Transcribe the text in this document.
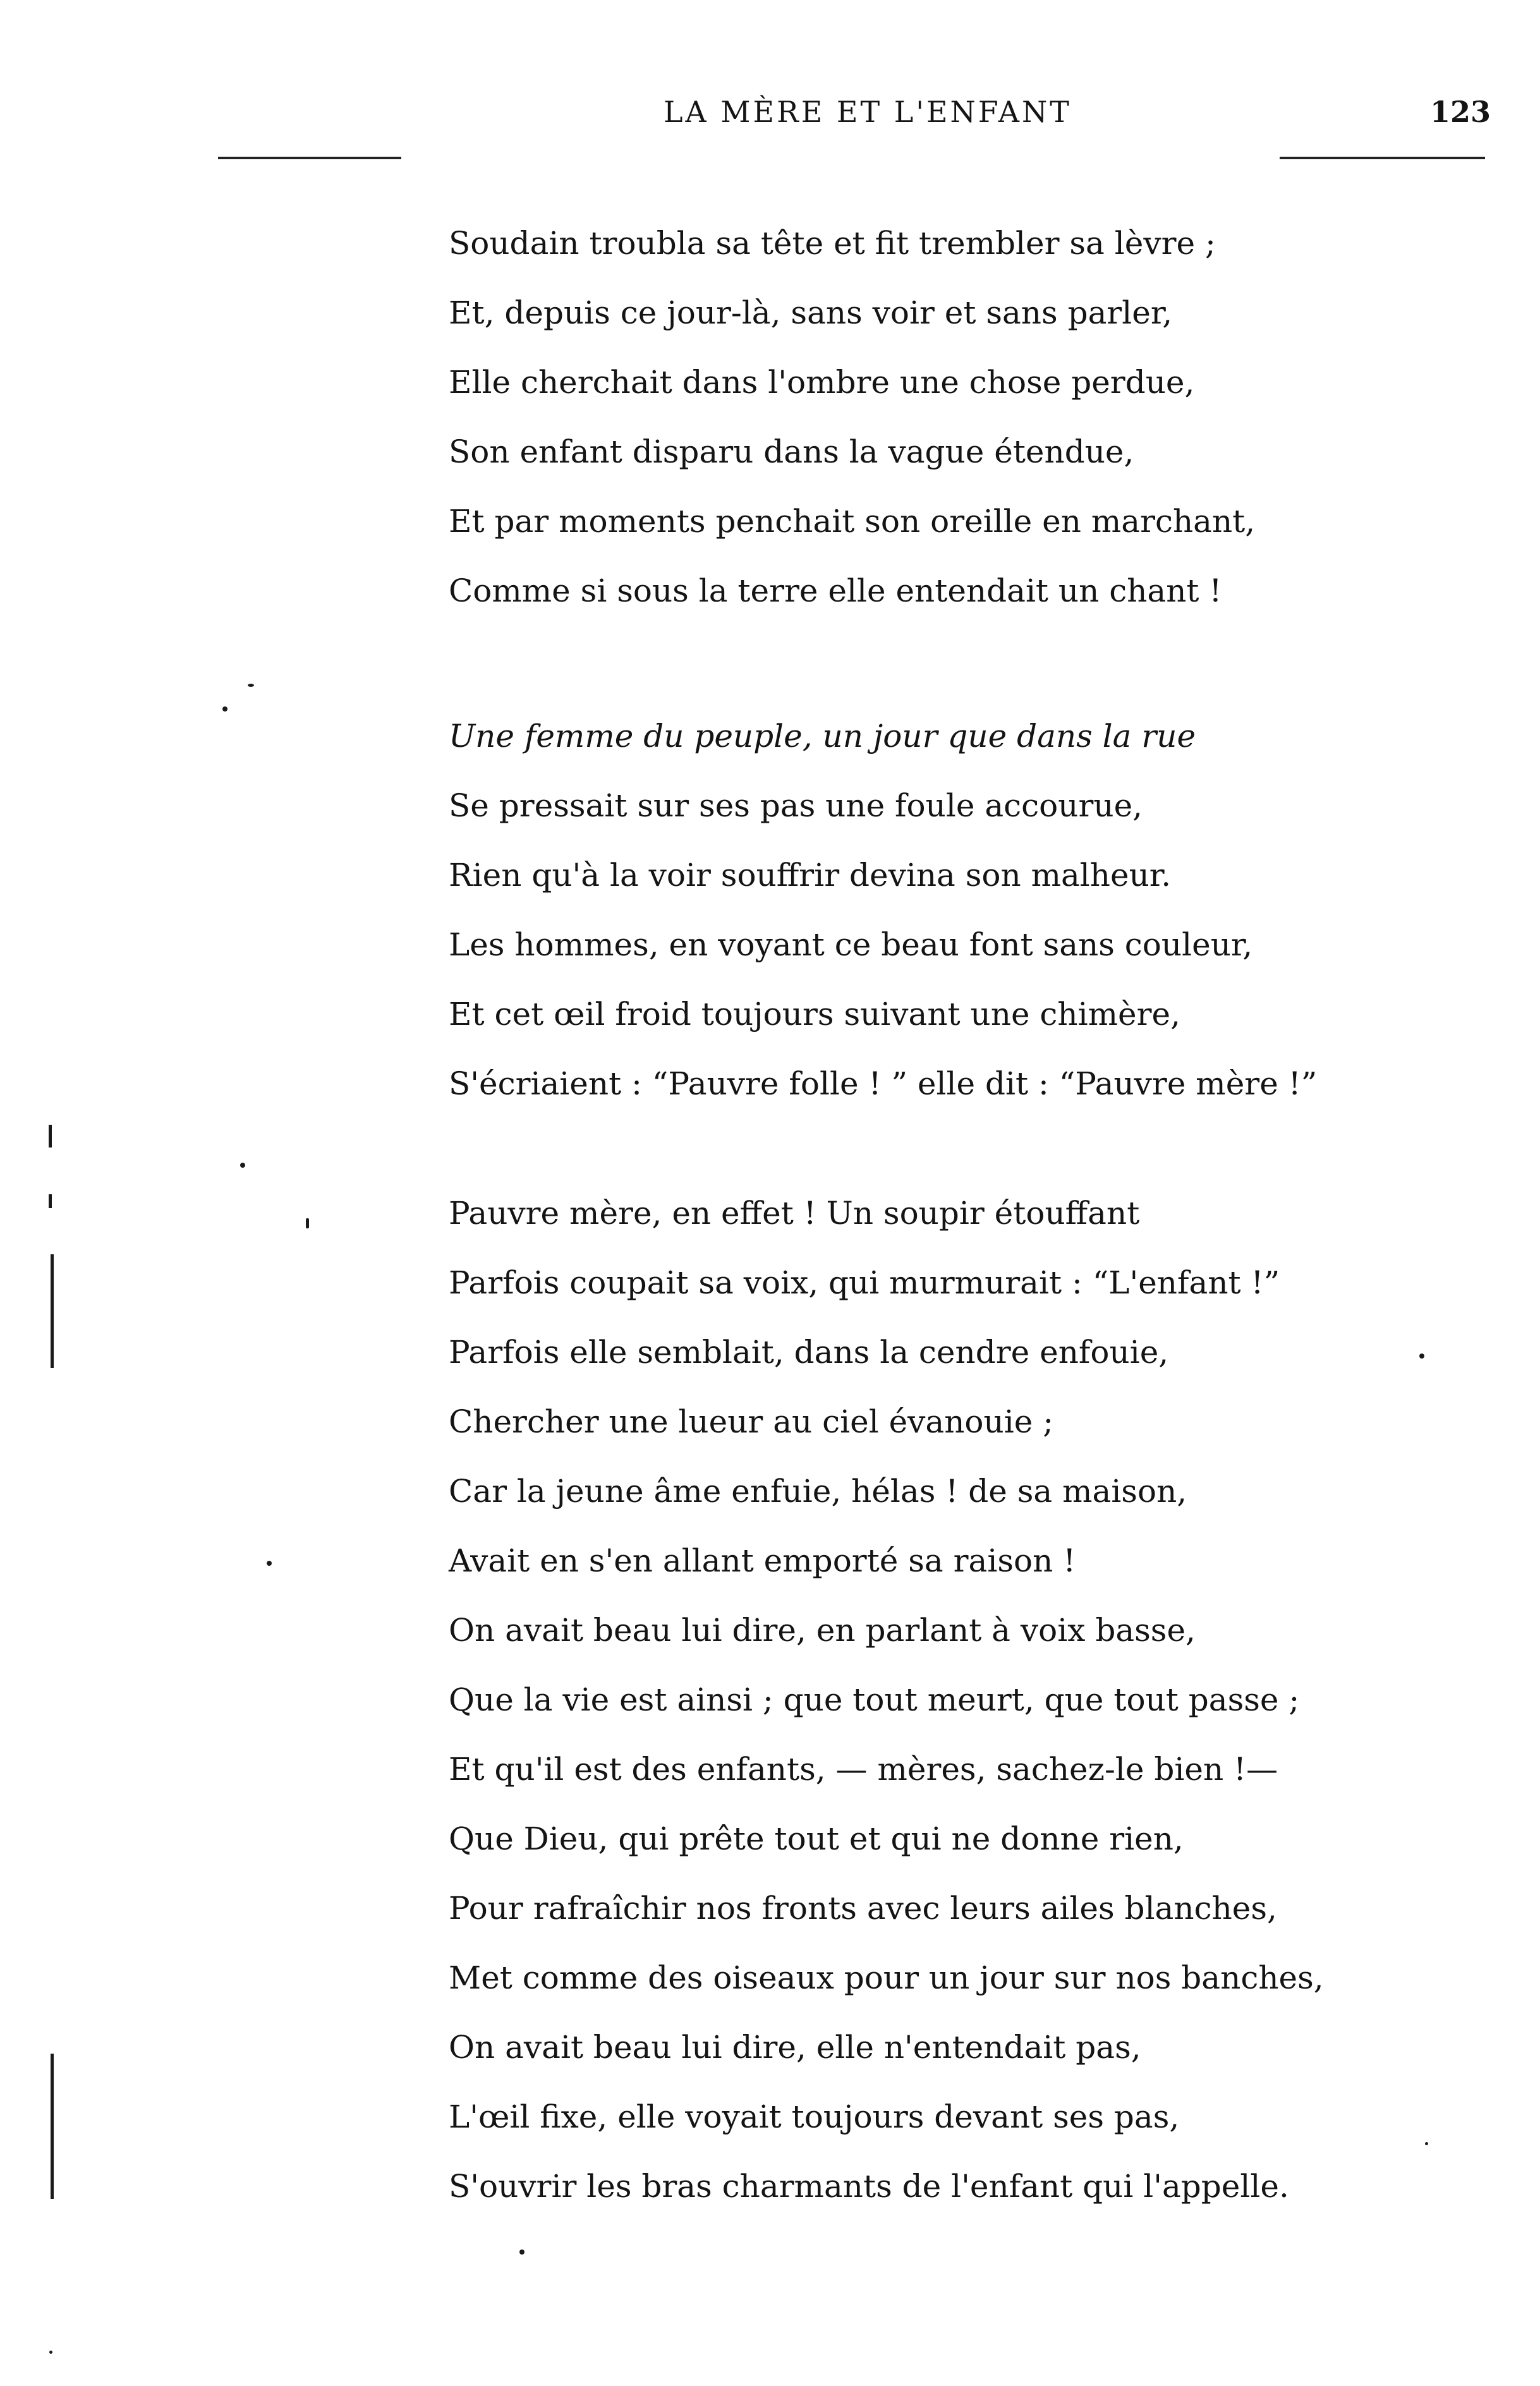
LA MÈRE ET L'ENFANT	123
Soudain troubla sa tête et fit trembler sa lèvre ;
Et, depuis ce jour-là, sans voir et sans parler,
Elle cherchait dans l'ombre une chose perdue,
Son enfant disparu dans la vague étendue,
Et par moments penchait son oreille en marchant,
Comme si sous la terre elle entendait un chant !
Une femme du peuple, un jour que dans la rue
Se pressait sur ses pas une foule accourue,
Rien qu'à la voir souffrir devina son malheur.
Les hommes, en voyant ce beau font sans couleur,
Et cet œil froid toujours suivant une chimère,
S'écriaient : “Pauvre folle ! ” elle dit : “Pauvre mère !”
Pauvre mère, en effet ! Un soupir étouffant
Parfois coupait sa voix, qui murmurait : “L'enfant !”
Parfois elle semblait, dans la cendre enfouie,
Chercher une lueur au ciel évanouie ;
Car la jeune âme enfuie, hélas ! de sa maison,
Avait en s'en allant emporté sa raison !
On avait beau lui dire, en parlant à voix basse,
Que la vie est ainsi ; que tout meurt, que tout passe ;
Et qu'il est des enfants, — mères, sachez-le bien !—
Que Dieu, qui prête tout et qui ne donne rien,
Pour rafraîchir nos fronts avec leurs ailes blanches,
Met comme des oiseaux pour un jour sur nos banches,
On avait beau lui dire, elle n'entendait pas,
L'œil fixe, elle voyait toujours devant ses pas,
S'ouvrir les bras charmants de l'enfant qui l'appelle.
